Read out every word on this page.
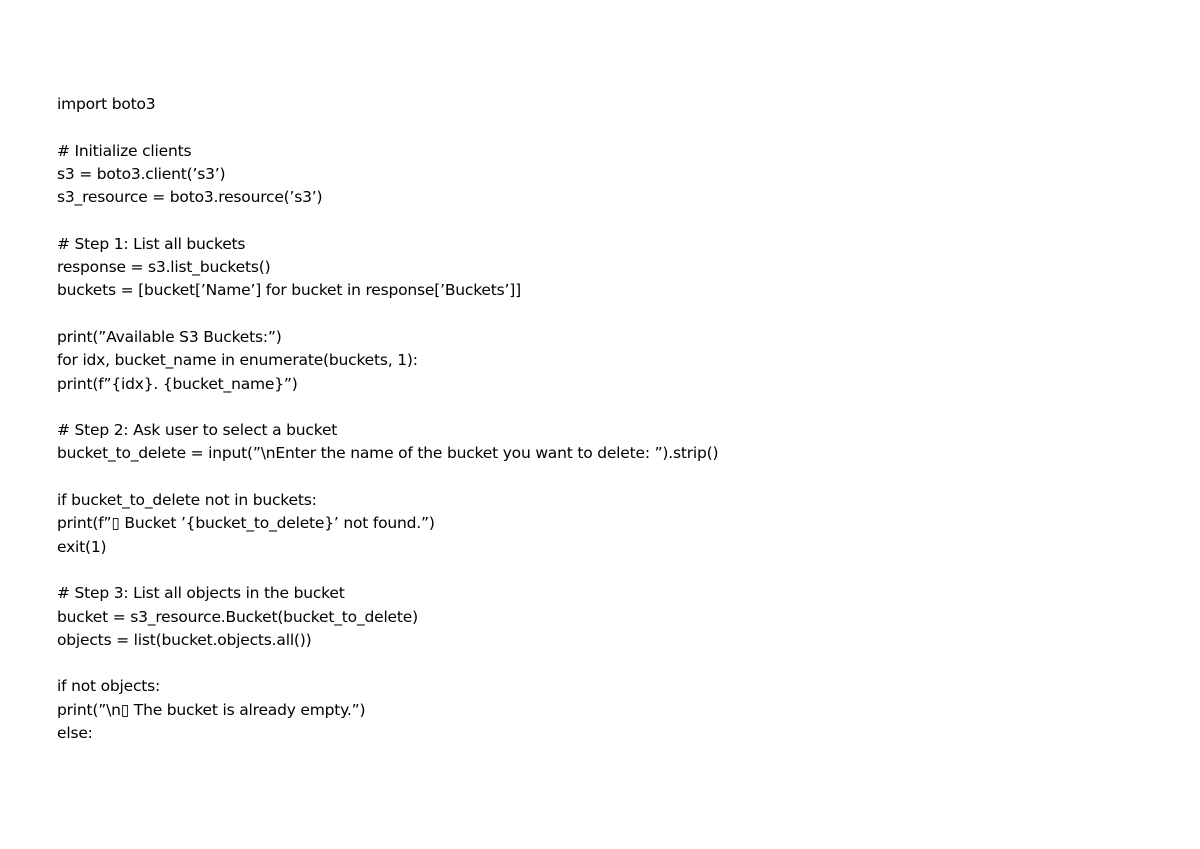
import boto3
# Initialize clients
s3 = boto3.client(’s3’)
s3_resource = boto3.resource(’s3’)
# Step 1: List all buckets
response = s3.list_buckets()
buckets = [bucket[’Name’] for bucket in response[’Buckets’]]
print(”Available S3 Buckets:”)
for idx, bucket_name in enumerate(buckets, 1):
print(f”{idx}. {bucket_name}”)
# Step 2: Ask user to select a bucket
bucket_to_delete = input(”\nEnter the name of the bucket you want to delete: ”).strip()
if bucket_to_delete not in buckets:
print(f”▯ Bucket ’{bucket_to_delete}’ not found.”)
exit(1)
# Step 3: List all objects in the bucket
bucket = s3_resource.Bucket(bucket_to_delete)
objects = list(bucket.objects.all())
if not objects:
print(”\n▯ The bucket is already empty.”)
else:
